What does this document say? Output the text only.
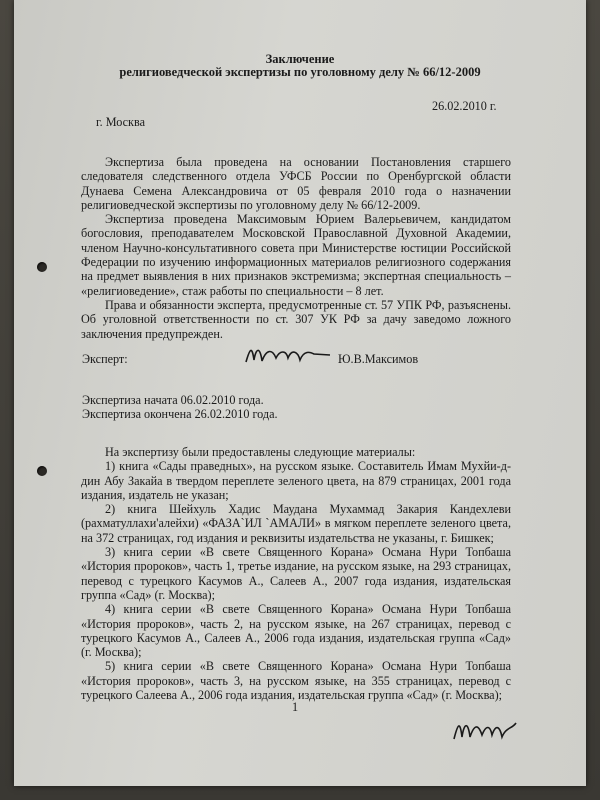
Заключение
религиоведческой экспертизы по уголовному делу № 66/12-2009
26.02.2010 г.
г. Москва

Экспертиза была проведена на основании Постановления старшего следователя следственного отдела УФСБ России по Оренбургской области Дунаева Семена Александровича от 05 февраля 2010 года о назначении религиоведческой экспертизы по уголовному делу № 66/12-2009.

Экспертиза проведена Максимовым Юрием Валерьевичем, кандидатом богословия, преподавателем Московской Православной Духовной Академии, членом Научно-консультативного совета при Министерстве юстиции Российской Федерации по изучению информационных материалов религиозного содержания на предмет выявления в них признаков экстремизма; экспертная специальность – «религиоведение», стаж работы по специальности – 8 лет.

Права и обязанности эксперта, предусмотренные ст. 57 УПК РФ, разъяснены. Об уголовной ответственности по ст. 307 УК РФ за дачу заведомо ложного заключения предупрежден.

Эксперт:	Ю.В.Максимов
Экспертиза начата 06.02.2010 года.
Экспертиза окончена 26.02.2010 года.

На экспертизу были предоставлены следующие материалы:

1) книга «Сады праведных», на русском языке. Составитель Имам Мухйи-д-дин Абу Закайа в твердом переплете зеленого цвета, на 879 страницах, 2001 года издания, издатель не указан;

2) книга Шейхуль Хадис Маудана Мухаммад Закария Кандехлеви (рахматуллахи'алейхи) «ФАЗА`ИЛ `АМАЛИ» в мягком переплете зеленого цвета, на 372 страницах, год издания и реквизиты издательства не указаны, г. Бишкек;

3) книга серии «В свете Священного Корана» Османа Нури Топбаша «История пророков», часть 1, третье издание, на русском языке, на 293 страницах, перевод с турецкого Касумов А., Салеев А., 2007 года издания, издательская группа «Сад» (г. Москва);

4) книга серии «В свете Священного Корана» Османа Нури Топбаша «История пророков», часть 2, на русском языке, на 267 страницах, перевод с турецкого Касумов А., Салеев А., 2006 года издания, издательская группа «Сад» (г. Москва);

5) книга серии «В свете Священного Корана» Османа Нури Топбаша «История пророков», часть 3, на русском языке, на 355 страницах, перевод с турецкого Салеева А., 2006 года издания, издательская группа «Сад» (г. Москва);

1
